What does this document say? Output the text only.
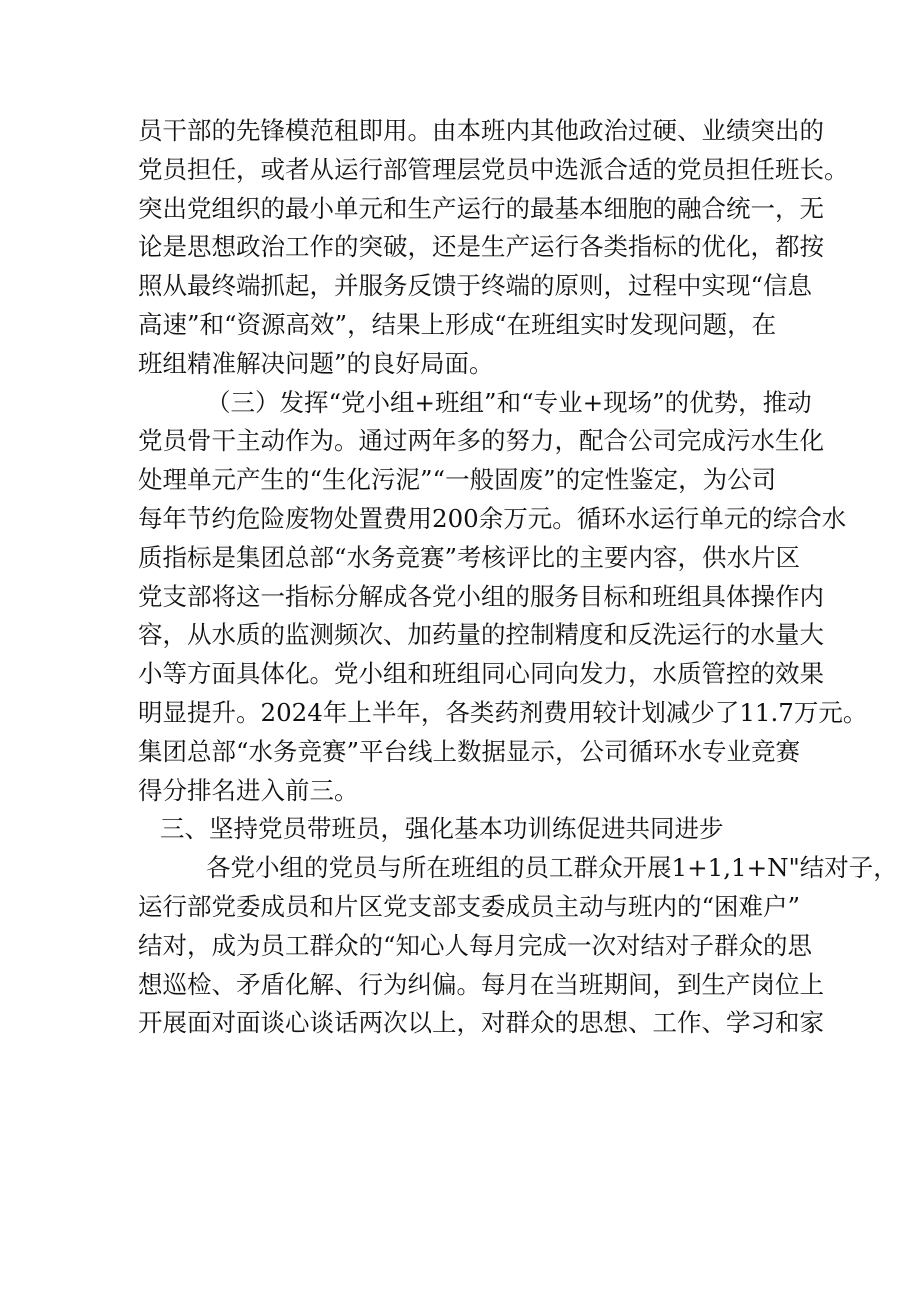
员干部的先锋模范租即用。由本班内其他政治过硬、业绩突出的
党员担任，或者从运行部管理层党员中选派合适的党员担任班长。
突出党组织的最小单元和生产运行的最基本细胞的融合统一，无
论是思想政治工作的突破，还是生产运行各类指标的优化，都按
照从最终端抓起，并服务反馈于终端的原则，过程中实现“信息
高速”和“资源高效”，结果上形成“在班组实时发现问题，在
班组精准解决问题”的良好局面。
（三）发挥“党小组+班组”和“专业+现场”的优势，推动
党员骨干主动作为。通过两年多的努力，配合公司完成污水生化
处理单元产生的“生化污泥”“一般固废”的定性鉴定，为公司
每年节约危险废物处置费用200余万元。循环水运行单元的综合水
质指标是集团总部“水务竞赛”考核评比的主要内容，供水片区
党支部将这一指标分解成各党小组的服务目标和班组具体操作内
容，从水质的监测频次、加药量的控制精度和反洗运行的水量大
小等方面具体化。党小组和班组同心同向发力，水质管控的效果
明显提升。2024年上半年，各类药剂费用较计划减少了11.7万元。
集团总部“水务竞赛”平台线上数据显示，公司循环水专业竞赛
得分排名进入前三。
三、坚持党员带班员，强化基本功训练促进共同进步
各党小组的党员与所在班组的员工群众开展1+1,1+N"结对子，
运行部党委成员和片区党支部支委成员主动与班内的“困难户”
结对，成为员工群众的“知心人每月完成一次对结对子群众的思
想巡检、矛盾化解、行为纠偏。每月在当班期间，到生产岗位上
开展面对面谈心谈话两次以上，对群众的思想、工作、学习和家
